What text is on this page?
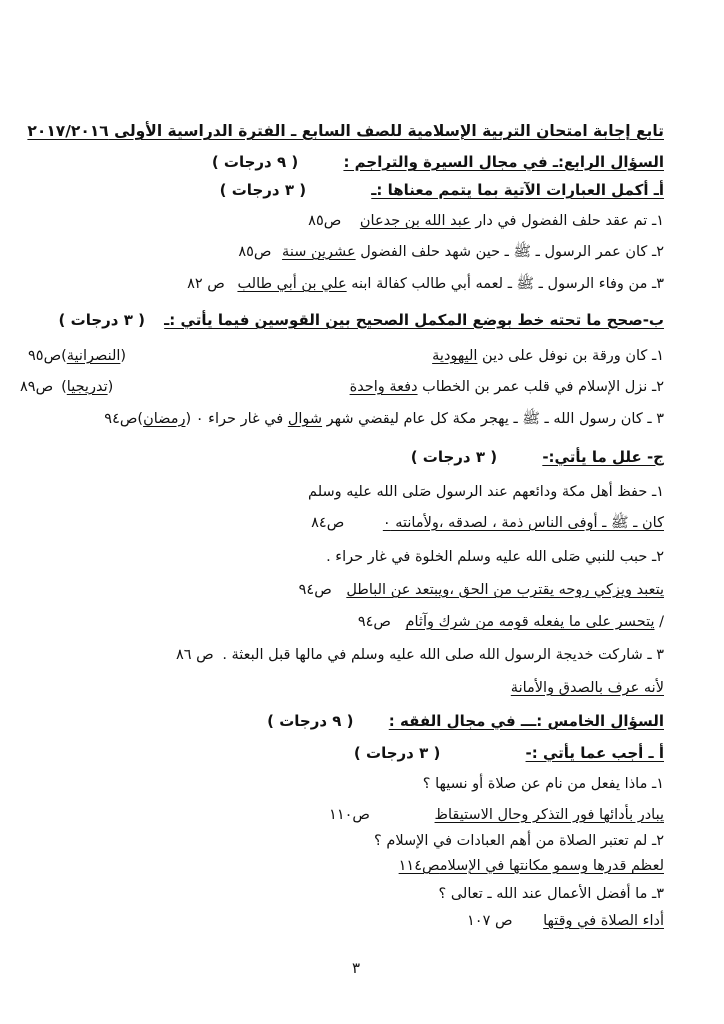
تابع إجابة امتحان التربية الإسلامية للصف السابع ـ الفترة الدراسية الأولى ٢٠١٧/٢٠١٦
السؤال الرابع:ـ في مجال السيرة والتراجم : ( ٩ درجات )
أـ أكمل العبارات الآتية بما يتمم معناها :ـ ( ٣ درجات )
١ـ تم عقد حلف الفضول في دار عبد الله بن جدعان ص٨٥
٢ـ كان عمر الرسول ـ ﷺ ـ حين شهد حلف الفضول عشرين سنة ص٨٥
٣ـ من وفاء الرسول ـ ﷺ ـ لعمه أبي طالب كفالة ابنه علي بن أبي طالب ص ٨٢
ب-صحح ما تحته خط بوضع المكمل الصحيح بين القوسين فيما يأتي :ـ ( ٣ درجات )
١ـ كان ورقة بن نوفل على دين اليهودية
(النصرانية)ص٩٥
٢ـ نزل الإسلام في قلب عمر بن الخطاب دفعة واحدة
(تدريجيا)ص٨٩
٣ ـ كان رسول الله ـ ﷺ ـ يهجر مكة كل عام ليقضي شهر شوال في غار حراء ٠ (رمضان)ص٩٤
ج- علل ما يأتي:- ( ٣ درجات )
١ـ حفظ أهل مكة ودائعهم عند الرسول صَلى الله عليه وسلم
كان ـ ﷺ ـ أوفى الناس ذمة ، لصدقه ،ولأمانته ٠ ص٨٤
٢ـ حبب للنبي صَلى الله عليه وسلم الخلوة في غار حراء .
يتعبد ويزكي روحه يقترب من الحق ،ويبتعد عن الباطل ص٩٤
/ يتحسر على ما يفعله قومه من شرك وآثام ص٩٤
٣ ـ شاركت خديجة الرسول الله صلى الله عليه وسلم في مالها قبل البعثة . ص ٨٦
لأنه عرف بالصدق والأمانة
السؤال الخامس :ـــ في مجال الفقه : ( ٩ درجات )
أ ـ أجب عما يأتي :- ( ٣ درجات )
١ـ ماذا يفعل من نام عن صلاة أو نسيها ؟
يبادر بأدائها فور التذكر وحال الاستيقاظ ص١١٠
٢ـ لم تعتبر الصلاة من أهم العبادات في الإسلام ؟
لعظم قدرها وسمو مكانتها في الإسلامص١١٤
٣ـ ما أفضل الأعمال عند الله ـ تعالى ؟
أداء الصلاة في وقتها ص ١٠٧
٣
